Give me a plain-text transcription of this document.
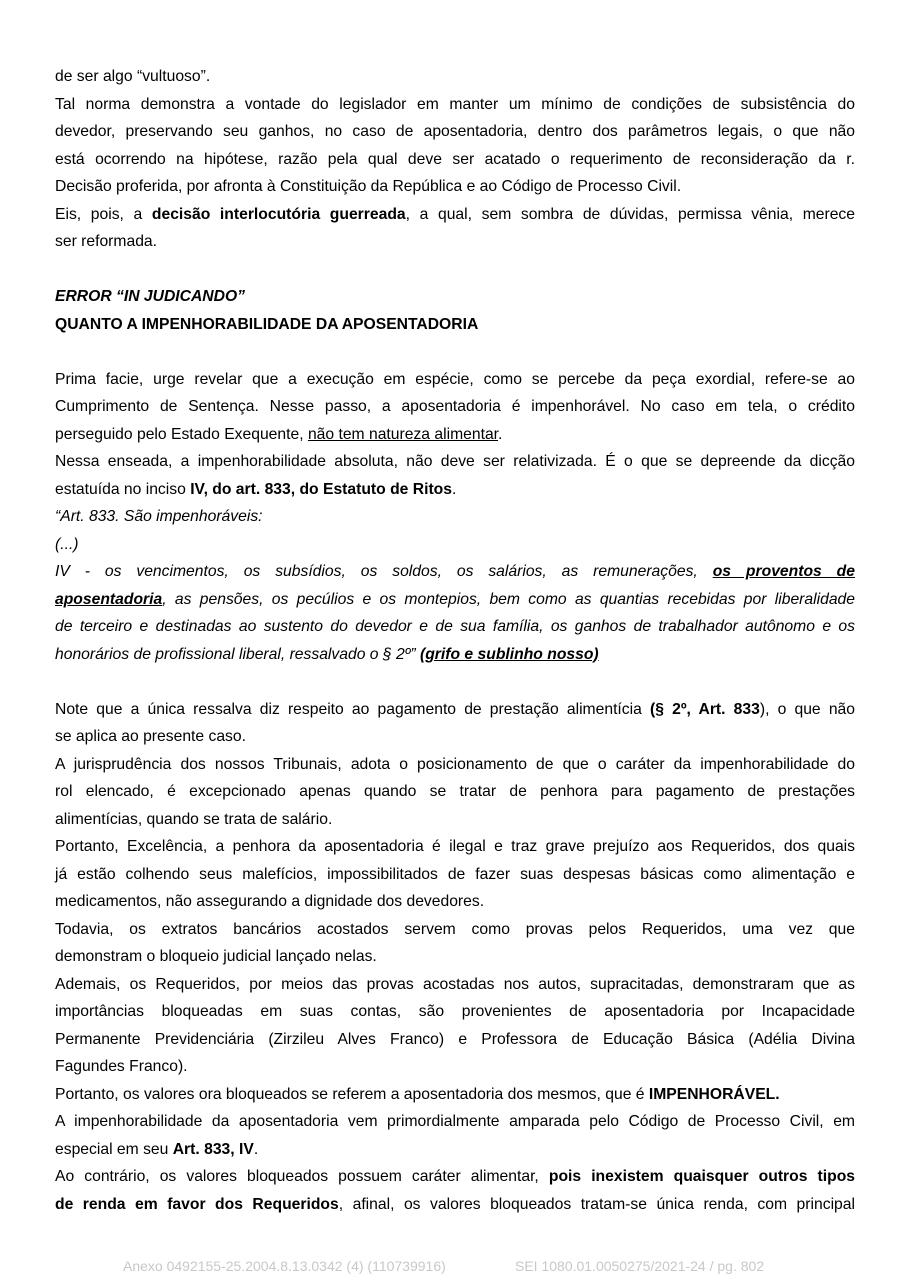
de ser algo “vultuoso”.
Tal norma demonstra a vontade do legislador em manter um mínimo de condições de subsistência do
devedor, preservando seu ganhos, no caso de aposentadoria, dentro dos parâmetros legais, o que não
está ocorrendo na hipótese, razão pela qual deve ser acatado o requerimento de reconsideração da r.
Decisão proferida, por afronta à Constituição da República e ao Código de Processo Civil.
Eis, pois, a decisão interlocutória guerreada, a qual, sem sombra de dúvidas, permissa vênia, merece
ser reformada.
ERROR “IN JUDICANDO”
QUANTO A IMPENHORABILIDADE DA APOSENTADORIA
Prima facie, urge revelar que a execução em espécie, como se percebe da peça exordial, refere-se ao
Cumprimento de Sentença. Nesse passo, a aposentadoria é impenhorável. No caso em tela, o crédito
perseguido pelo Estado Exequente, não tem natureza alimentar.
Nessa enseada, a impenhorabilidade absoluta, não deve ser relativizada. É o que se depreende da dicção
estatuída no inciso IV, do art. 833, do Estatuto de Ritos.
“Art. 833. São impenhoráveis:
(...)
IV - os vencimentos, os subsídios, os soldos, os salários, as remunerações, os proventos de
aposentadoria, as pensões, os pecúlios e os montepios, bem como as quantias recebidas por liberalidade
de terceiro e destinadas ao sustento do devedor e de sua família, os ganhos de trabalhador autônomo e os
honorários de profissional liberal, ressalvado o § 2º” (grifo e sublinho nosso)
Note que a única ressalva diz respeito ao pagamento de prestação alimentícia (§ 2º, Art. 833), o que não
se aplica ao presente caso.
A jurisprudência dos nossos Tribunais, adota o posicionamento de que o caráter da impenhorabilidade do
rol elencado, é excepcionado apenas quando se tratar de penhora para pagamento de prestações
alimentícias, quando se trata de salário.
Portanto, Excelência, a penhora da aposentadoria é ilegal e traz grave prejuízo aos Requeridos, dos quais
já estão colhendo seus malefícios, impossibilitados de fazer suas despesas básicas como alimentação e
medicamentos, não assegurando a dignidade dos devedores.
Todavia, os extratos bancários acostados servem como provas pelos Requeridos, uma vez que
demonstram o bloqueio judicial lançado nelas.
Ademais, os Requeridos, por meios das provas acostadas nos autos, supracitadas, demonstraram que as
importâncias bloqueadas em suas contas, são provenientes de aposentadoria por Incapacidade
Permanente Previdenciária (Zirzileu Alves Franco) e Professora de Educação Básica (Adélia Divina
Fagundes Franco).
Portanto, os valores ora bloqueados se referem a aposentadoria dos mesmos, que é IMPENHORÁVEL.
A impenhorabilidade da aposentadoria vem primordialmente amparada pelo Código de Processo Civil, em
especial em seu Art. 833, IV.
Ao contrário, os valores bloqueados possuem caráter alimentar, pois inexistem quaisquer outros tipos
de renda em favor dos Requeridos, afinal, os valores bloqueados tratam-se única renda, com principal
Anexo 0492155-25.2004.8.13.0342 (4) (110739916)	SEI 1080.01.0050275/2021-24 / pg. 802
